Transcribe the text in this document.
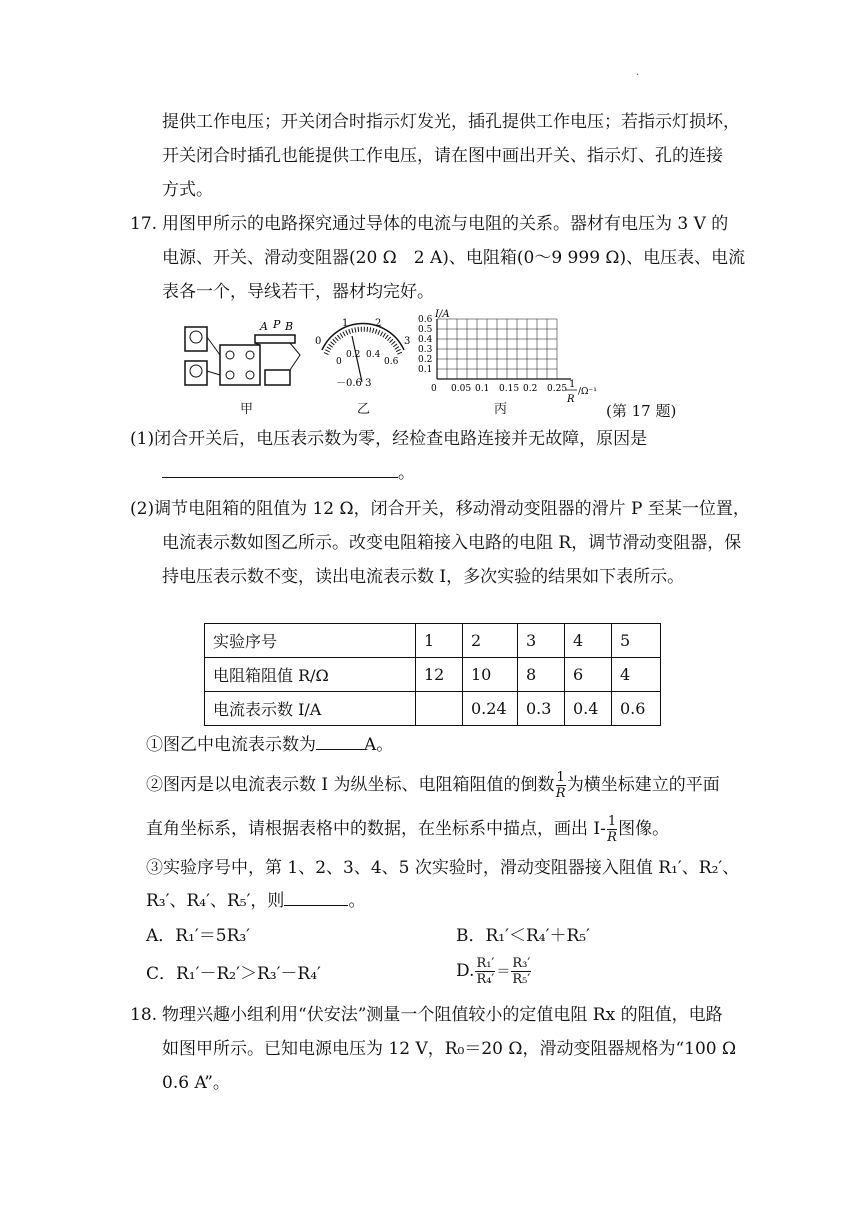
·
提供工作电压；开关闭合时指示灯发光，插孔提供工作电压；若指示灯损坏，
开关闭合时插孔也能提供工作电压，请在图中画出开关、指示灯、孔的连接
方式。
17. 用图甲所示的电路探究通过导体的电流与电阻的关系。器材有电压为 3 V 的
电源、开关、滑动变阻器(20 Ω　2 A)、电阻箱(0～9 999 Ω)、电压表、电流
表各一个，导线若干，器材均完好。
A P B
甲
0
1	2
3
0
0.2 0.4
0.6
－0.6 3
乙
I/A
0.6
0.5
0.4
0.3
0.2
0.1
0 0.05 0.1 0.15 0.2 0.25 1
R
/Ω⁻¹
丙	(第 17 题)
(1)闭合开关后，电压表示数为零，经检查电路连接并无故障，原因是
。
(2)调节电阻箱的阻值为 12 Ω，闭合开关，移动滑动变阻器的滑片 P 至某一位置，
电流表示数如图乙所示。改变电阻箱接入电路的电阻 R，调节滑动变阻器，保
持电压表示数不变，读出电流表示数 I，多次实验的结果如下表所示。
实验序号	1	2	3	4	5
电阻箱阻值 R/Ω	12	10	8	6	4
电流表示数 I/A		0.24	0.3	0.4	0.6
①图乙中电流表示数为	A。
②图丙是以电流表示数 I 为纵坐标、电阻箱阻值的倒数 $\frac{1}{R}$ 为横坐标建立的平面
直角坐标系，请根据表格中的数据，在坐标系中描点，画出 $I- \frac{1}{R}$ 图像。
③实验序号中，第 1、2、3、4、5 次实验时，滑动变阻器接入阻值 R₁′、R₂′、
R₃′、R₄′、R₅′，则	。
A．R₁′＝5R₃′	B．R₁′＜R₄′＋R₅′
C．R₁′－R₂′＞R₃′－R₄′	D. $\frac{\text{R₁′}}{\text{R₄′}} = \frac{\text{R₃′}}{\text{R₅′}}$
18. 物理兴趣小组利用“伏安法”测量一个阻值较小的定值电阻 Rx 的阻值，电路
如图甲所示。已知电源电压为 12 V，R₀＝20 Ω，滑动变阻器规格为“100 Ω
0.6 A”。
